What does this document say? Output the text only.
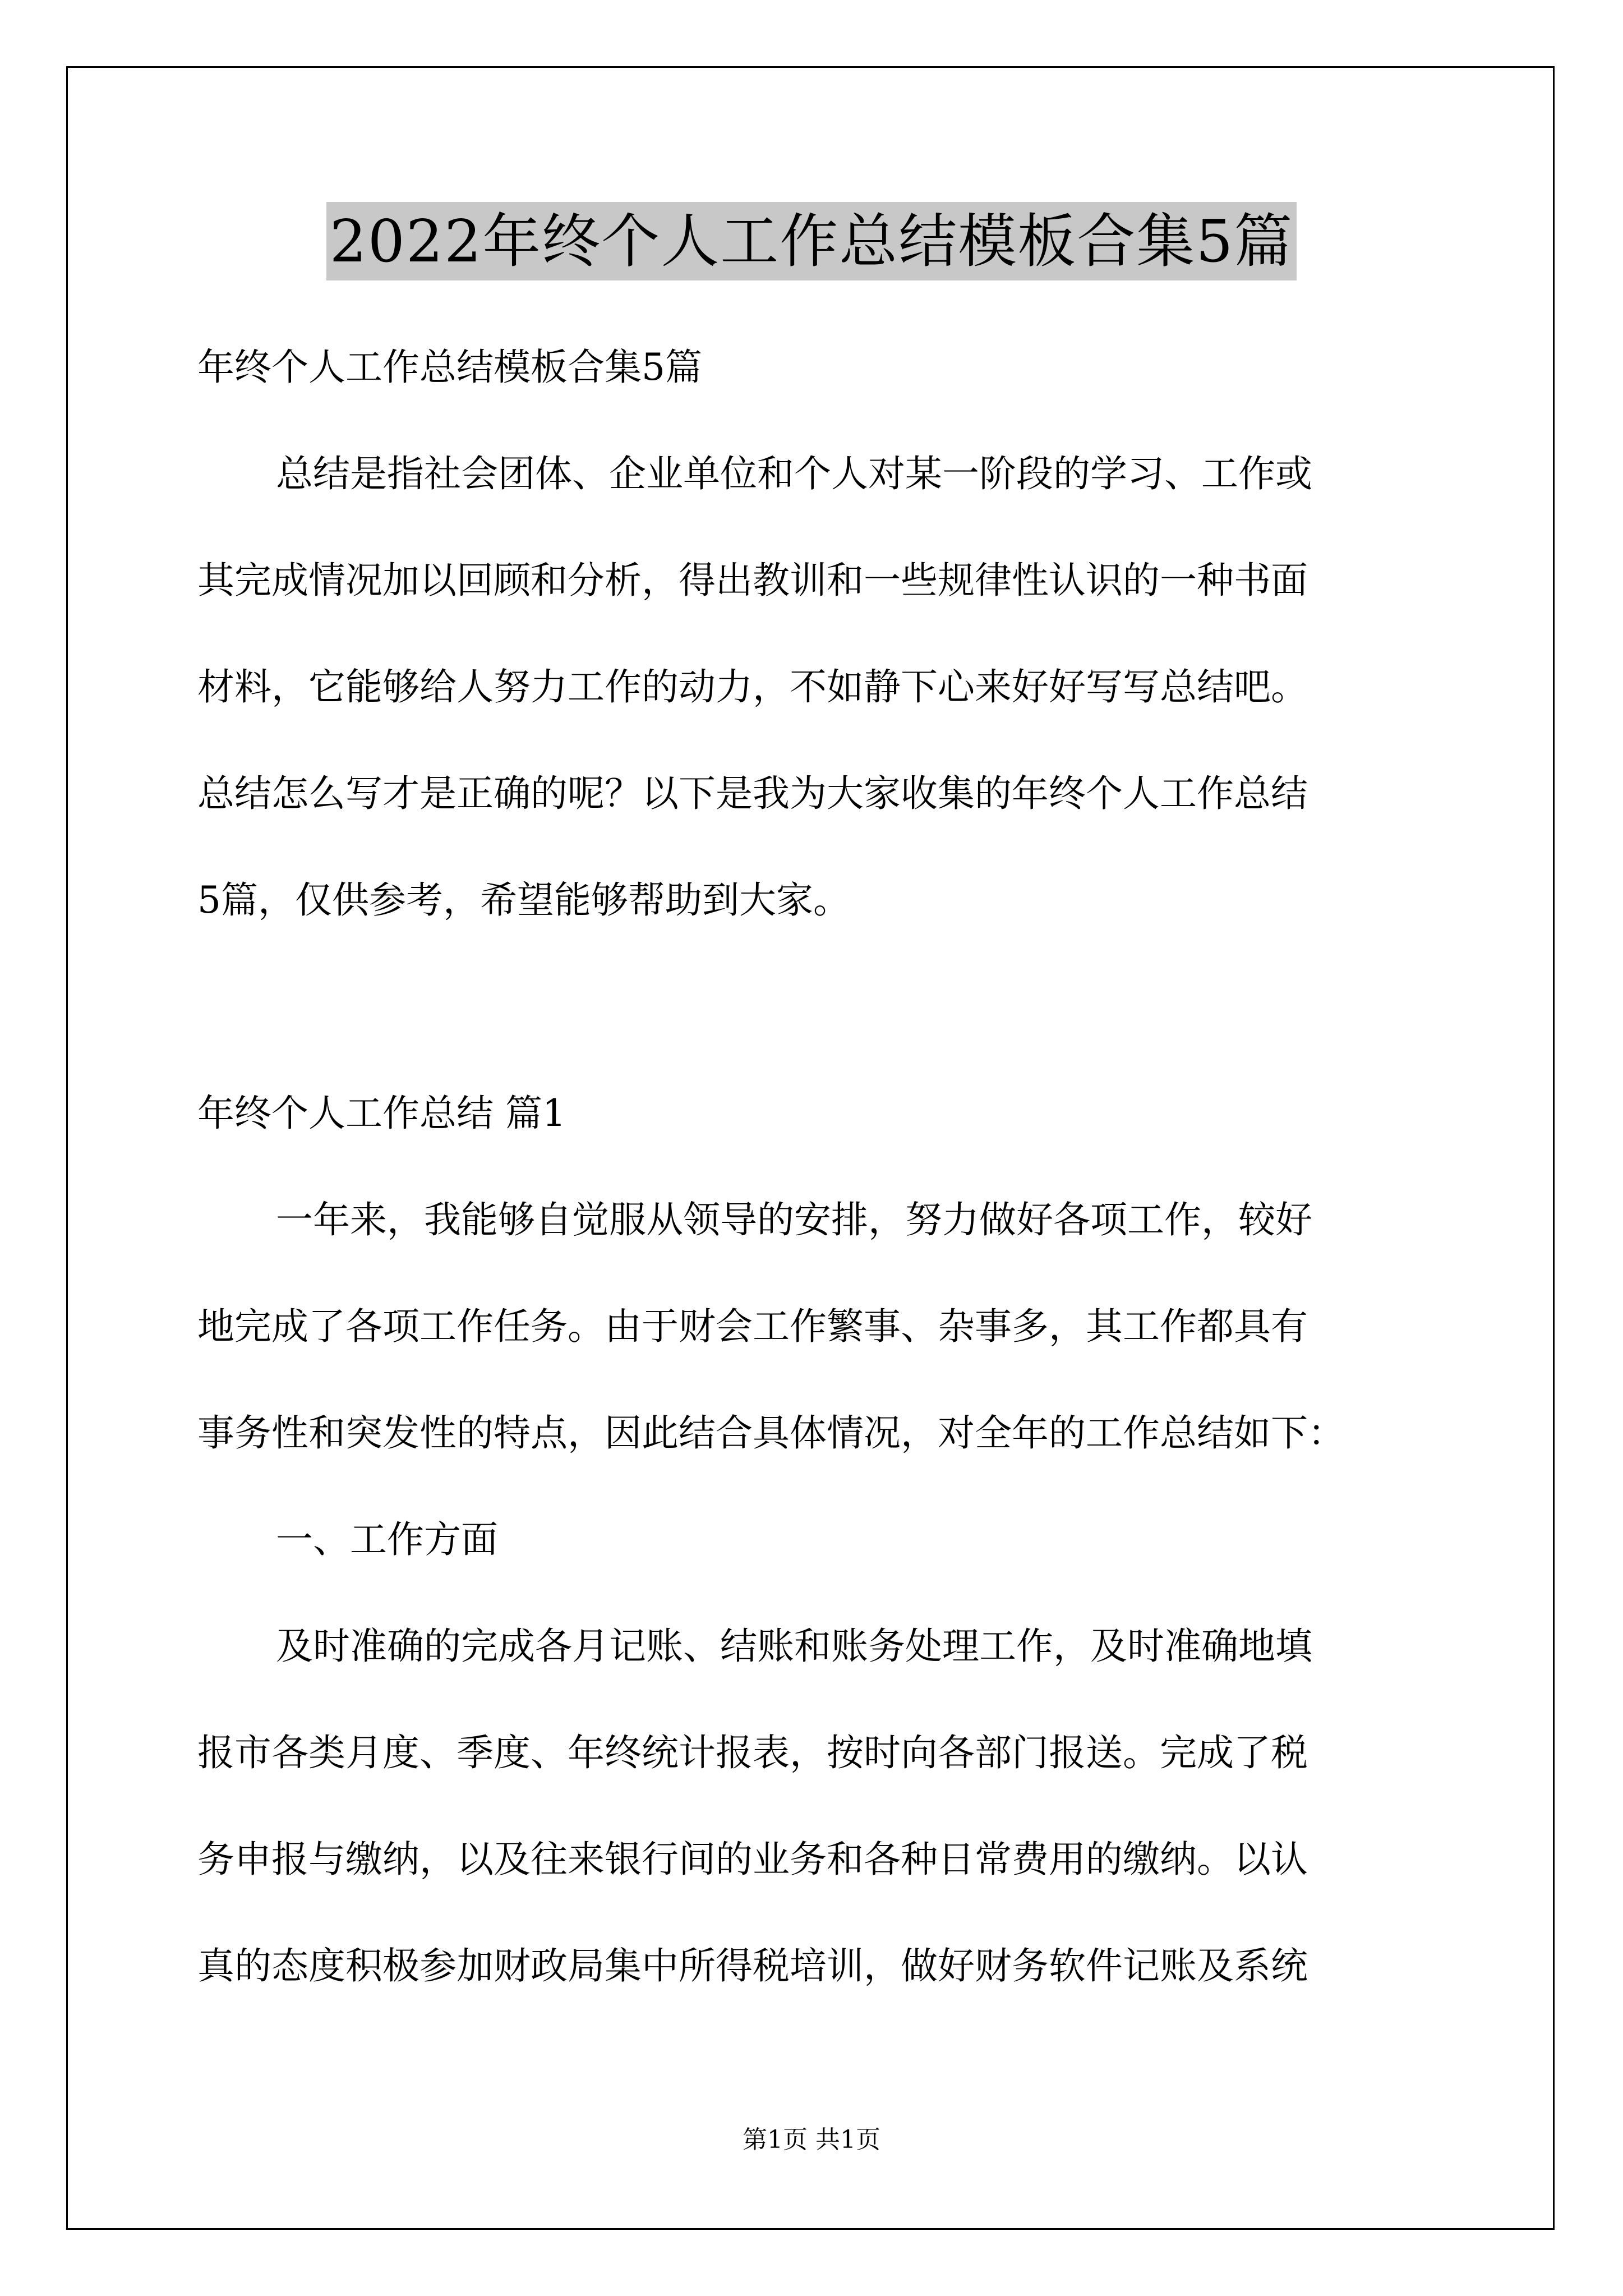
2022年终个人工作总结模板合集5篇

年终个人工作总结模板合集5篇

总结是指社会团体、企业单位和个人对某一阶段的学习、工作或

其完成情况加以回顾和分析，得出教训和一些规律性认识的一种书面

材料，它能够给人努力工作的动力，不如静下心来好好写写总结吧。

总结怎么写才是正确的呢？以下是我为大家收集的年终个人工作总结

5篇，仅供参考，希望能够帮助到大家。

年终个人工作总结 篇1

一年来，我能够自觉服从领导的安排，努力做好各项工作，较好

地完成了各项工作任务。由于财会工作繁事、杂事多，其工作都具有

事务性和突发性的特点，因此结合具体情况，对全年的工作总结如下：

一、工作方面

及时准确的完成各月记账、结账和账务处理工作，及时准确地填

报市各类月度、季度、年终统计报表，按时向各部门报送。完成了税

务申报与缴纳，以及往来银行间的业务和各种日常费用的缴纳。以认

真的态度积极参加财政局集中所得税培训，做好财务软件记账及系统

第1页 共1页
